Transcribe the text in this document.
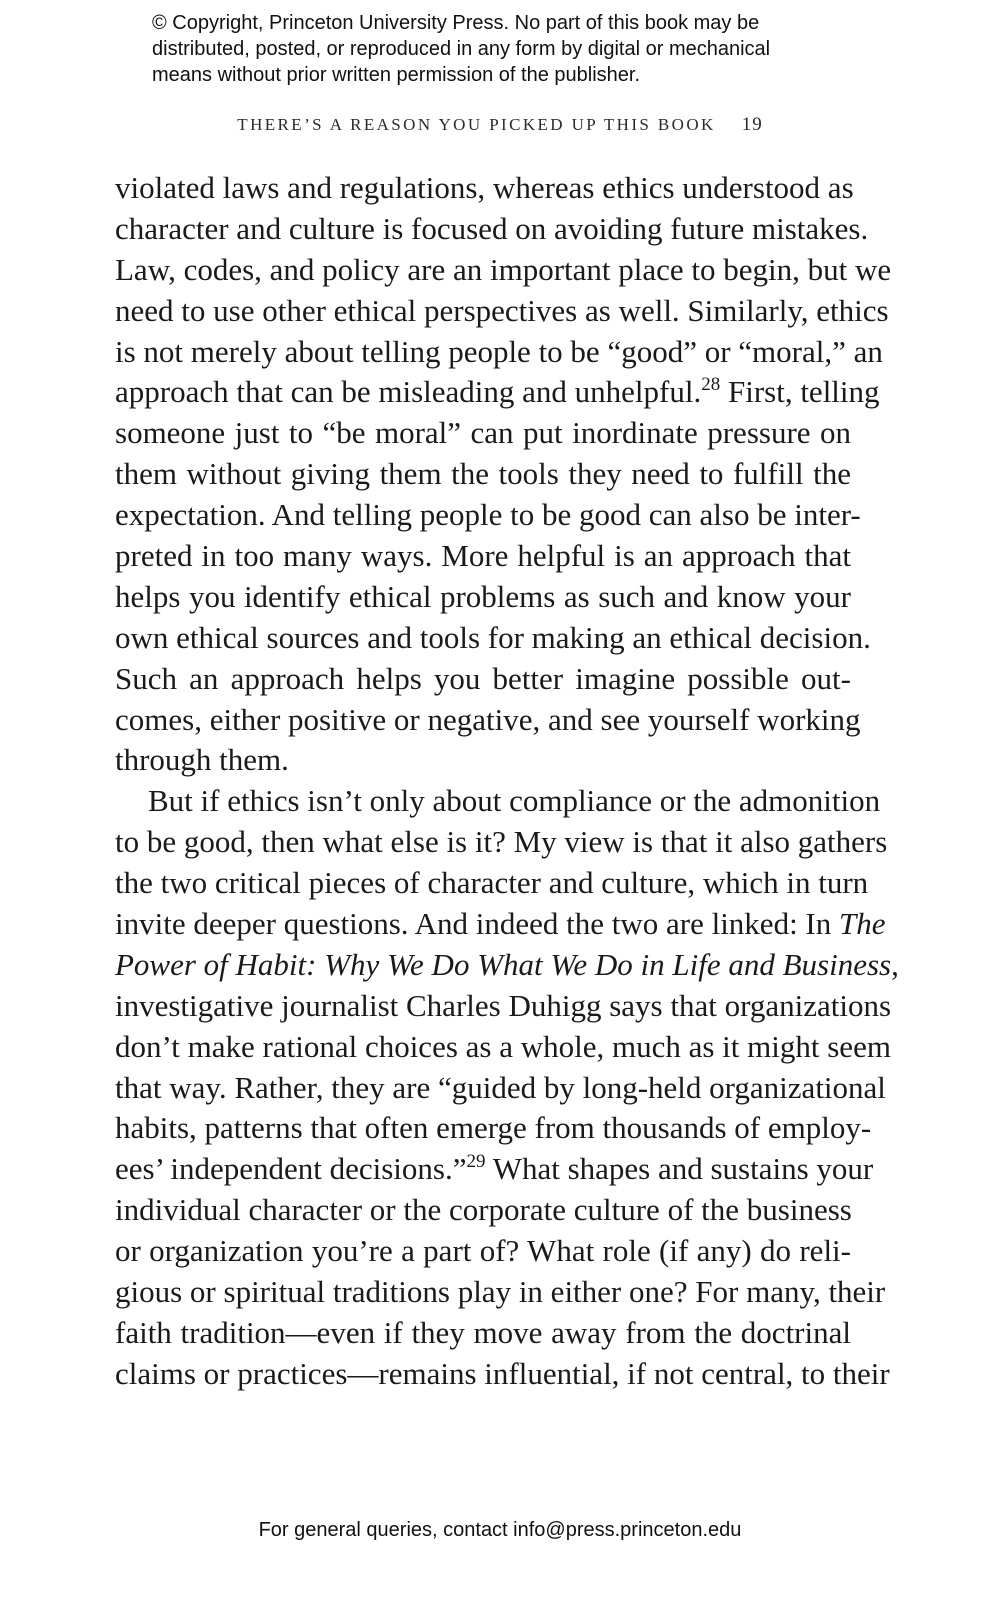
© Copyright, Princeton University Press. No part of this book may be
distributed, posted, or reproduced in any form by digital or mechanical
means without prior written permission of the publisher.
THERE’S A REASON YOU PICKED UP THIS BOOK 19
violated laws and regulations, whereas ethics understood as
character and culture is focused on avoiding future mistakes.
Law, codes, and policy are an important place to begin, but we
need to use other ethical perspectives as well. Similarly, ethics
is not merely about telling people to be “good” or “moral,” an
approach that can be misleading and unhelpful.$^{28}$ First, telling
someone just to “be moral” can put inordinate pressure on
them without giving them the tools they need to fulfill the
expectation. And telling people to be good can also be inter-
preted in too many ways. More helpful is an approach that
helps you identify ethical problems as such and know your
own ethical sources and tools for making an ethical decision.
Such an approach helps you better imagine possible out-
comes, either positive or negative, and see yourself working
through them.
But if ethics isn’t only about compliance or the admonition
to be good, then what else is it? My view is that it also gathers
the two critical pieces of character and culture, which in turn
invite deeper questions. And indeed the two are linked: In The
Power of Habit: Why We Do What We Do in Life and Business,
investigative journalist Charles Duhigg says that organizations
don’t make rational choices as a whole, much as it might seem
that way. Rather, they are “guided by long-held organizational
habits, patterns that often emerge from thousands of employ-
ees’ independent decisions.”$^{29}$ What shapes and sustains your
individual character or the corporate culture of the business
or organization you’re a part of? What role (if any) do reli-
gious or spiritual traditions play in either one? For many, their
faith tradition—even if they move away from the doctrinal
claims or practices—remains influential, if not central, to their
For general queries, contact info@press.princeton.edu
